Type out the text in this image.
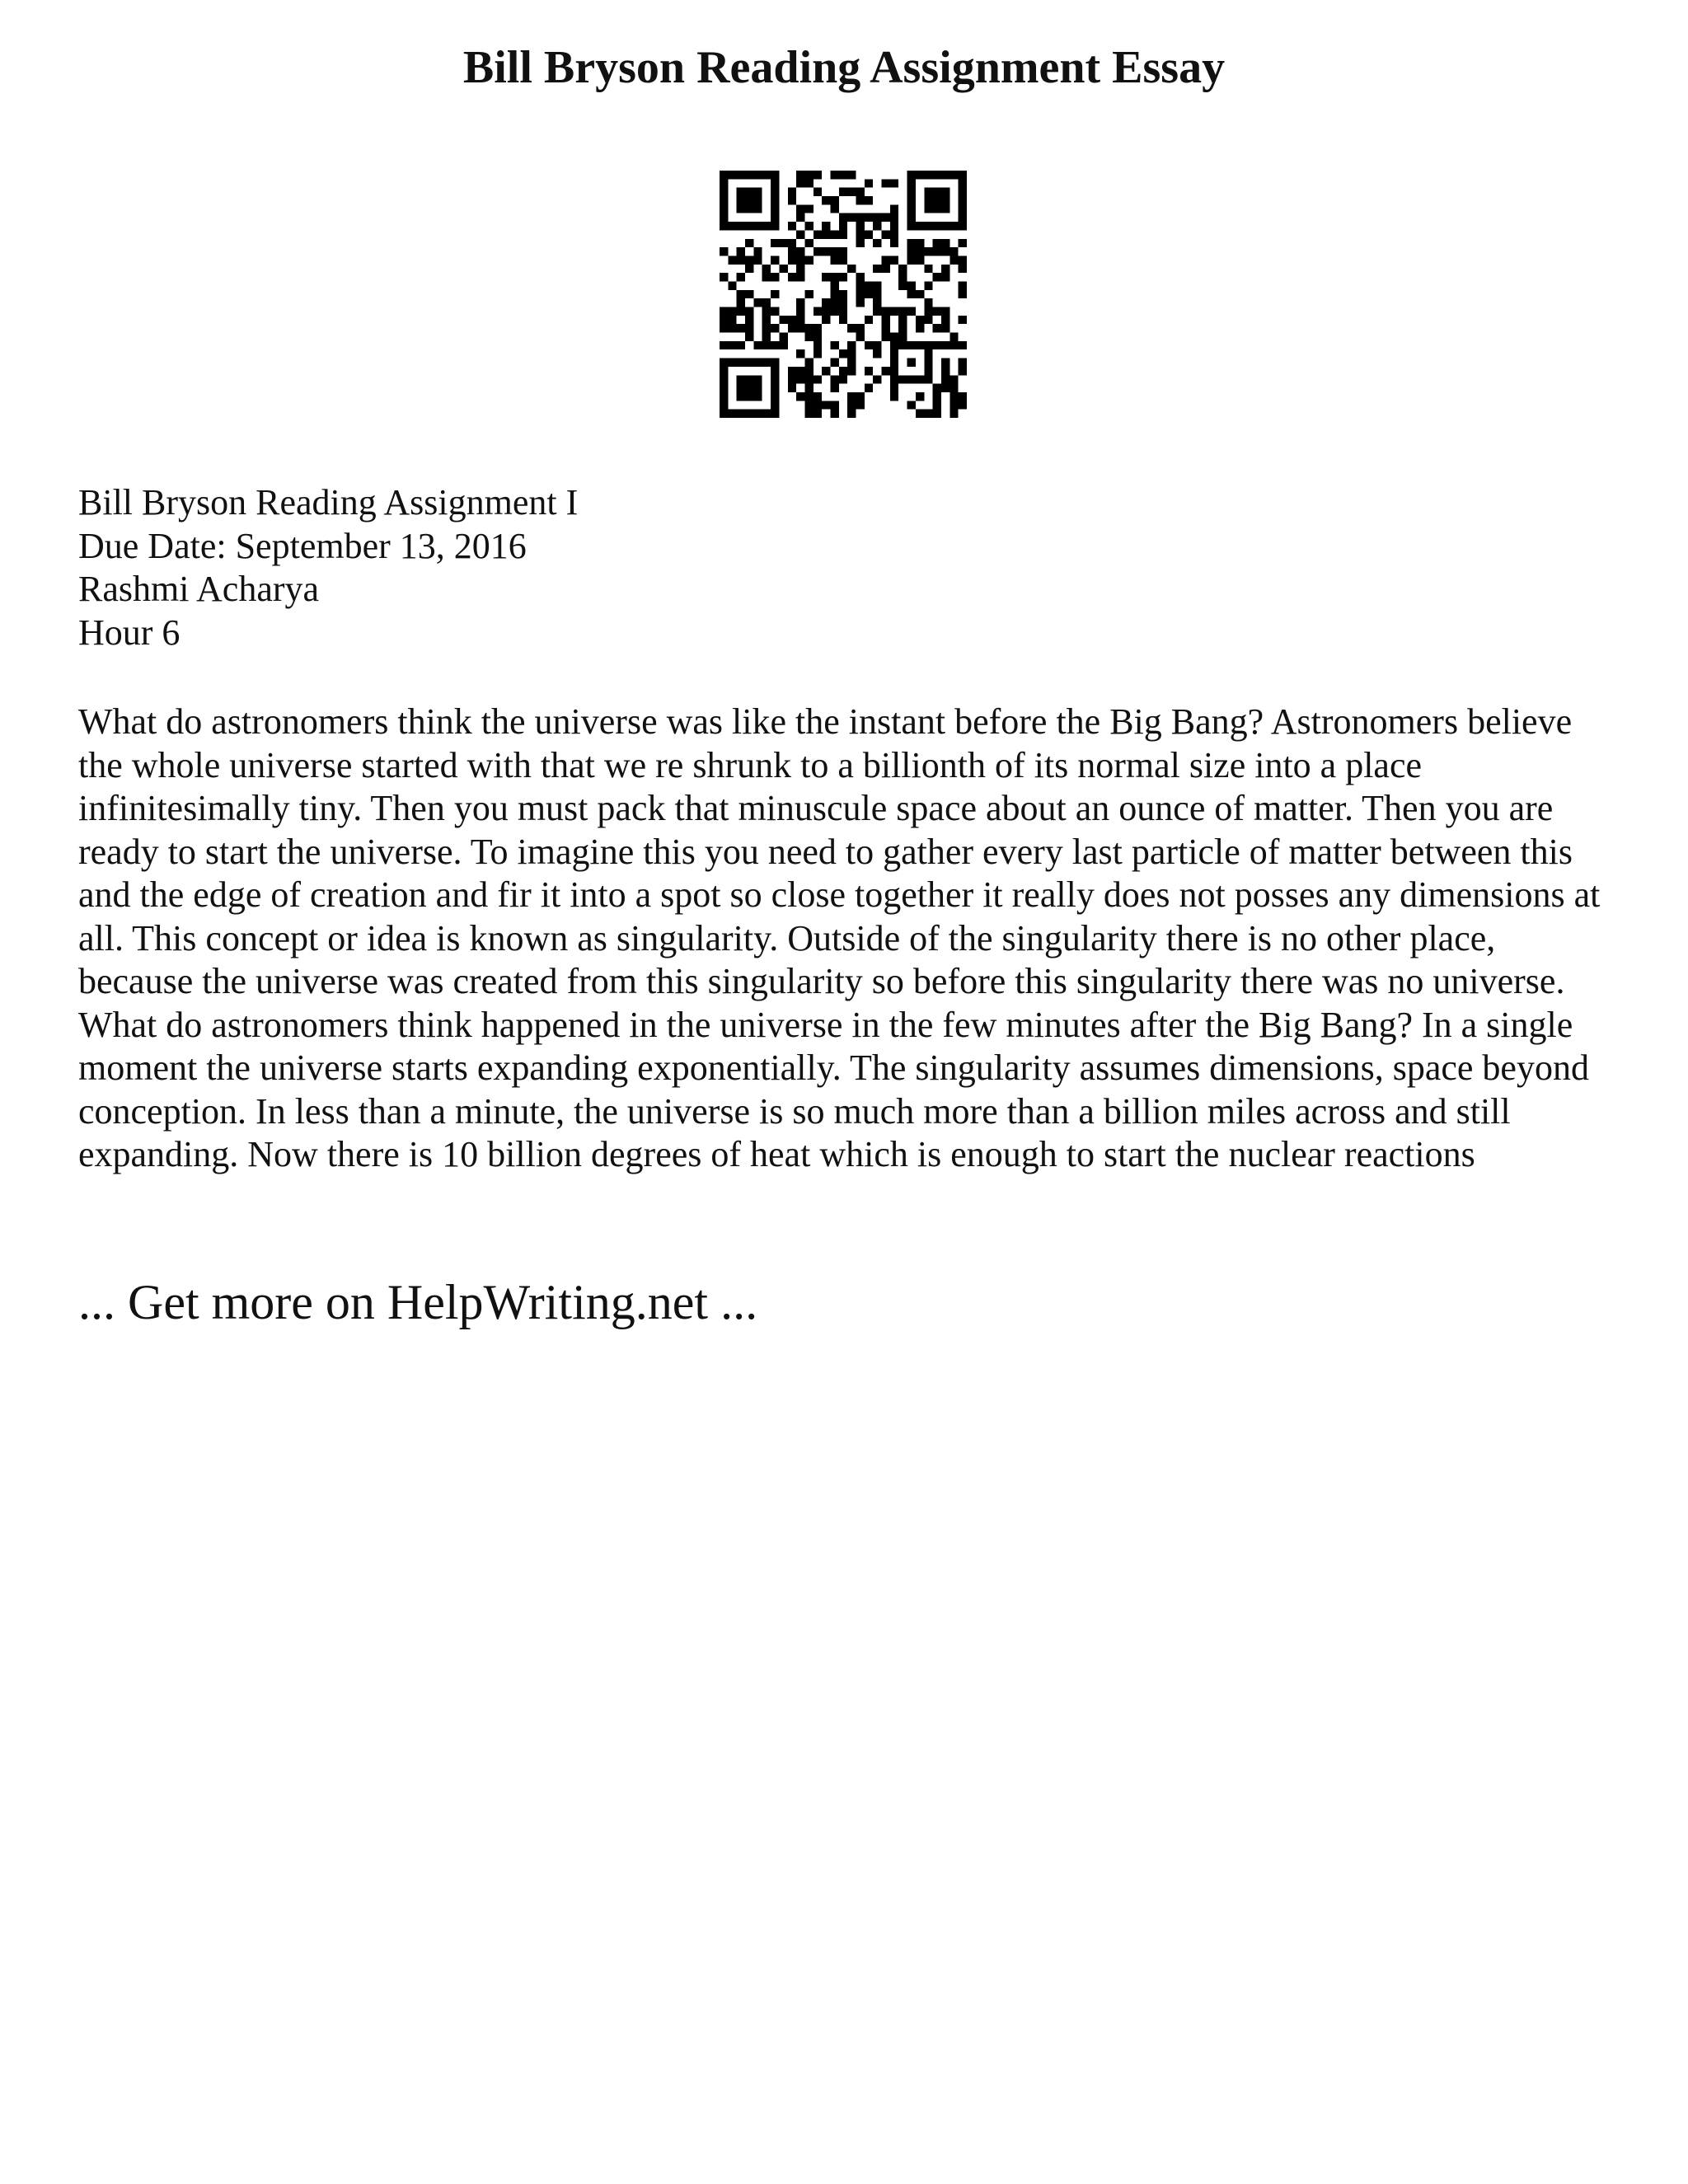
Bill Bryson Reading Assignment Essay
Bill Bryson Reading Assignment I
Due Date: September 13, 2016
Rashmi Acharya
Hour 6

What do astronomers think the universe was like the instant before the Big Bang? Astronomers believe the whole universe started with that we re shrunk to a billionth of its normal size into a place infinitesimally tiny. Then you must pack that minuscule space about an ounce of matter. Then you are ready to start the universe. To imagine this you need to gather every last particle of matter between this and the edge of creation and fir it into a spot so close together it really does not posses any dimensions at all. This concept or idea is known as singularity. Outside of the singularity there is no other place, because the universe was created from this singularity so before this singularity there was no universe.

What do astronomers think happened in the universe in the few minutes after the Big Bang? In a single moment the universe starts expanding exponentially. The singularity assumes dimensions, space beyond conception. In less than a minute, the universe is so much more than a billion miles across and still expanding. Now there is 10 billion degrees of heat which is enough to start the nuclear reactions

... Get more on HelpWriting.net ...
